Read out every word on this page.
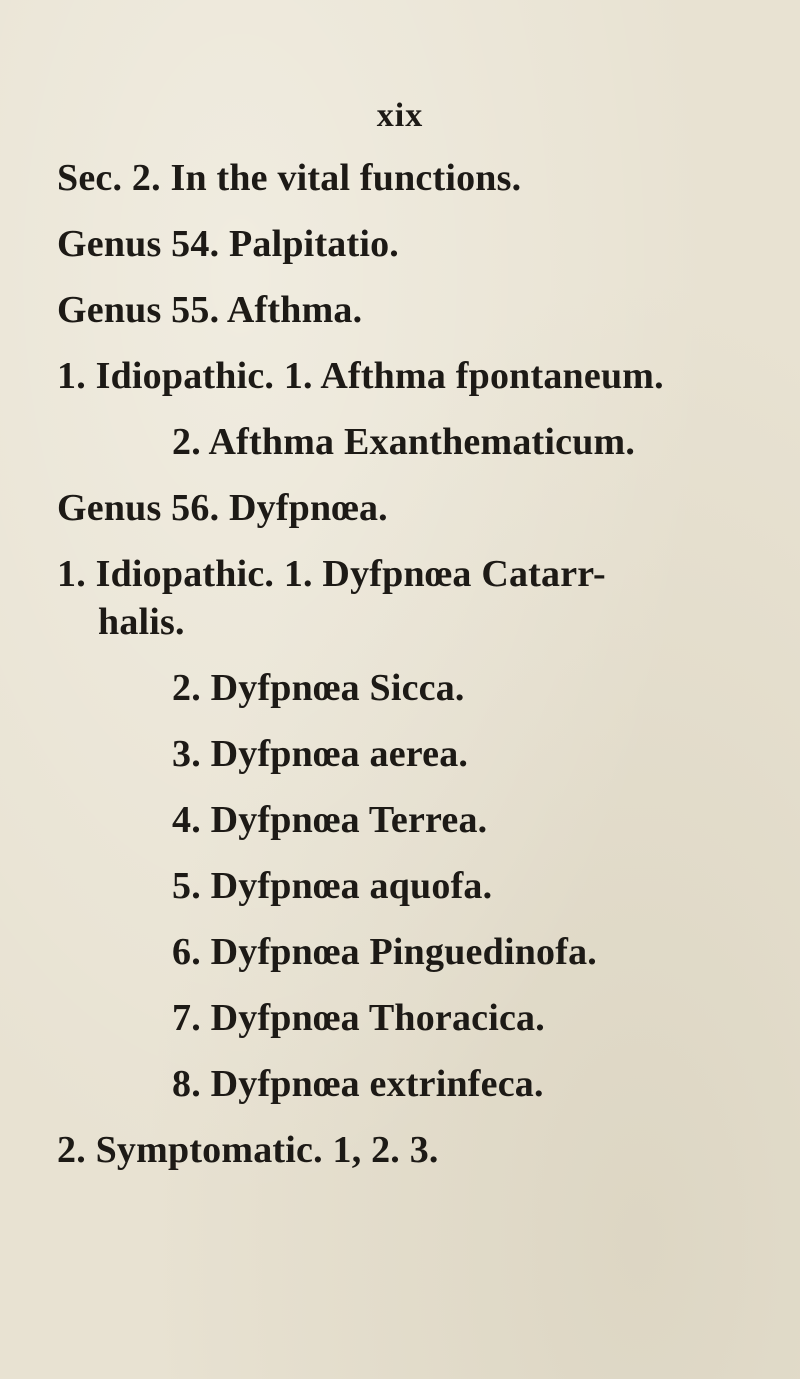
xix
Sec. 2. In the vital functions.
Genus 54. Palpitatio.
Genus 55. Afthma.
1. Idiopathic. 1. Afthma fpontaneum.
2. Afthma Exanthematicum.
Genus 56. Dyfpnœa.
1. Idiopathic. 1. Dyfpnœa Catarr-
halis.
2. Dyfpnœa Sicca.
3. Dyfpnœa aerea.
4. Dyfpnœa Terrea.
5. Dyfpnœa aquofa.
6. Dyfpnœa Pinguedinofa.
7. Dyfpnœa Thoracica.
8. Dyfpnœa extrinfeca.
2. Symptomatic. 1, 2. 3.
